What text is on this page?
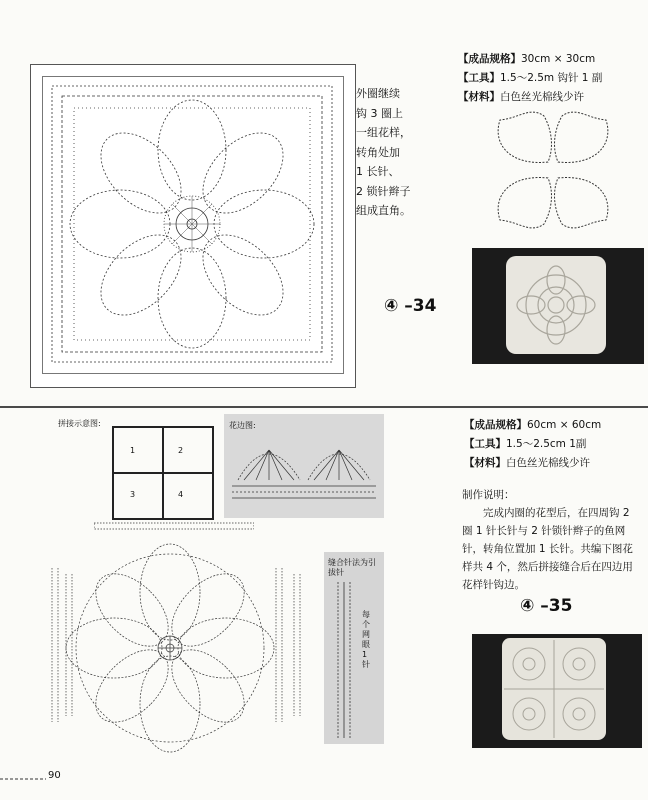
外圈继续
钩 3 圈上
一组花样，
转角处加
1 长针、
2 锁针辫子
组成直角。
④ –34
【成品规格】30cm × 30cm
【工具】1.5～2.5m 钩针 1 副
【材料】白色丝光棉线少许
拼接示意图:
1	2
3	4
花边图:
缝合针法为引拔针
每个网眼1针
【成品规格】60cm × 60cm
【工具】1.5～2.5cm 1副
【材料】白色丝光棉线少许
制作说明：

完成内圈的花型后，在四周钩 2 圈 1 针长针与 2 针锁针辫子的鱼网针，转角位置加 1 长针。共编下图花样共 4 个，然后拼接缝合后在四边用花样针钩边。

④ –35
90
